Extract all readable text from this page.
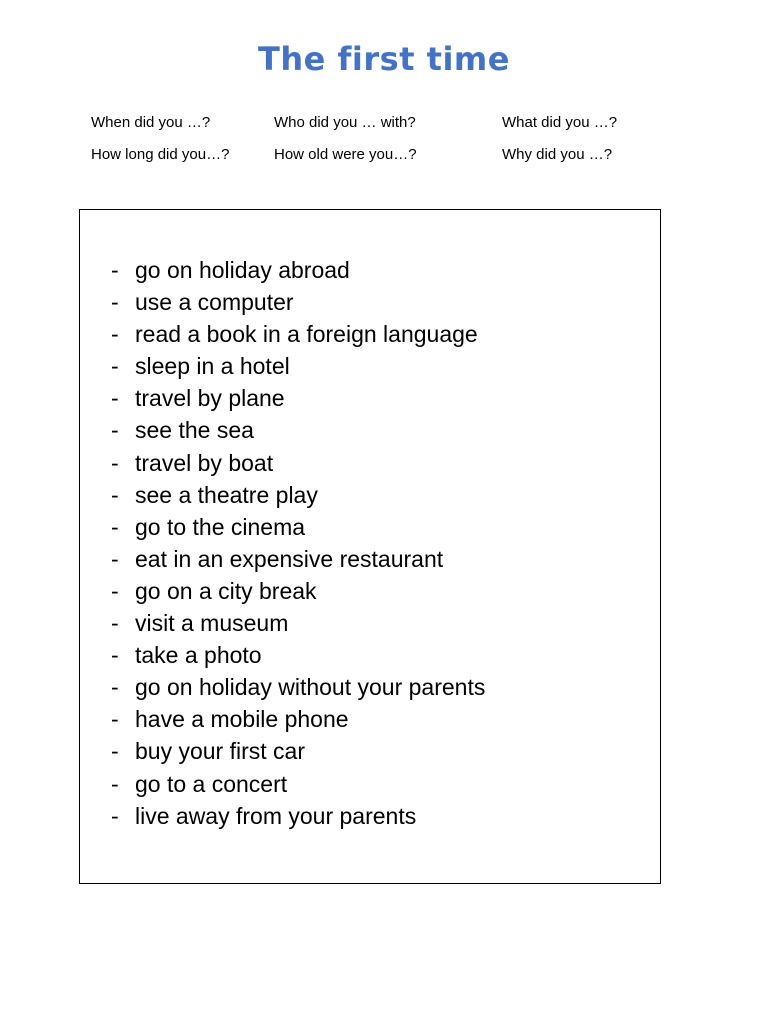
The first time
When did you …?	Who did you … with?	What did you …?
How long did you…?	How old were you…?	Why did you …?
- go on holiday abroad
- use a computer
- read a book in a foreign language
- sleep in a hotel
- travel by plane
- see the sea
- travel by boat
- see a theatre play
- go to the cinema
- eat in an expensive restaurant
- go on a city break
- visit a museum
- take a photo
- go on holiday without your parents
- have a mobile phone
- buy your first car
- go to a concert
- live away from your parents
